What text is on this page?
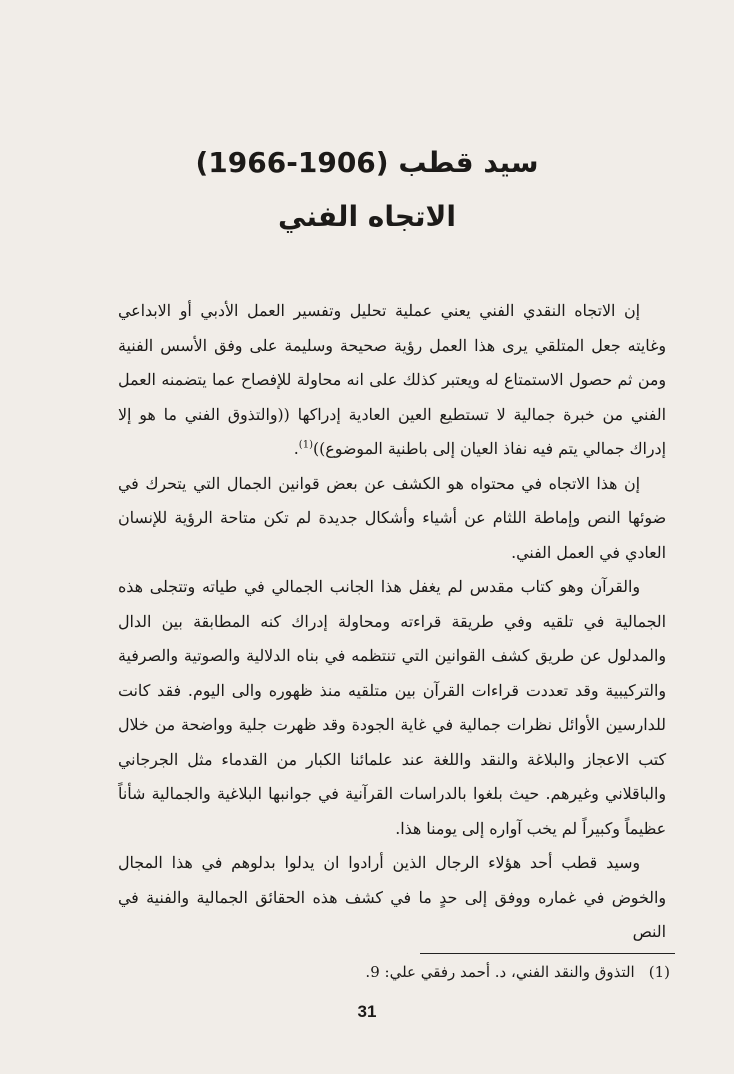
سيد قطب (1906-1966)
الاتجاه الفني

إن الاتجاه النقدي الفني يعني عملية تحليل وتفسير العمل الأدبي أو الابداعي وغايته جعل المتلقي يرى هذا العمل رؤية صحيحة وسليمة على وفق الأسس الفنية ومن ثم حصول الاستمتاع له ويعتبر كذلك على انه محاولة للإفصاح عما يتضمنه العمل الفني من خبرة جمالية لا تستطيع العين العادية إدراكها ((والتذوق الفني ما هو إلا إدراك جمالي يتم فيه نفاذ العيان إلى باطنية الموضوع))$^{(1)}$.

إن هذا الاتجاه في محتواه هو الكشف عن بعض قوانين الجمال التي يتحرك في ضوئها النص وإماطة اللثام عن أشياء وأشكال جديدة لم تكن متاحة الرؤية للإنسان العادي في العمل الفني.

والقرآن وهو كتاب مقدس لم يغفل هذا الجانب الجمالي في طياته وتتجلى هذه الجمالية في تلقيه وفي طريقة قراءته ومحاولة إدراك كنه المطابقة بين الدال والمدلول عن طريق كشف القوانين التي تنتظمه في بناه الدلالية والصوتية والصرفية والتركيبية وقد تعددت قراءات القرآن بين متلقيه منذ ظهوره والى اليوم. فقد كانت للدارسين الأوائل نظرات جمالية في غاية الجودة وقد ظهرت جلية وواضحة من خلال كتب الاعجاز والبلاغة والنقد واللغة عند علمائنا الكبار من القدماء مثل الجرجاني والباقلاني وغيرهم. حيث بلغوا بالدراسات القرآنية في جوانبها البلاغية والجمالية شأناً عظيماً وكبيراً لم يخب آواره إلى يومنا هذا.

وسيد قطب أحد هؤلاء الرجال الذين أرادوا ان يدلوا بدلوهم في هذا المجال والخوض في غماره ووفق إلى حدٍ ما في كشف هذه الحقائق الجمالية والفنية في النص

(1)التذوق والنقد الفني، د. أحمد رفقي علي: 9.
31
